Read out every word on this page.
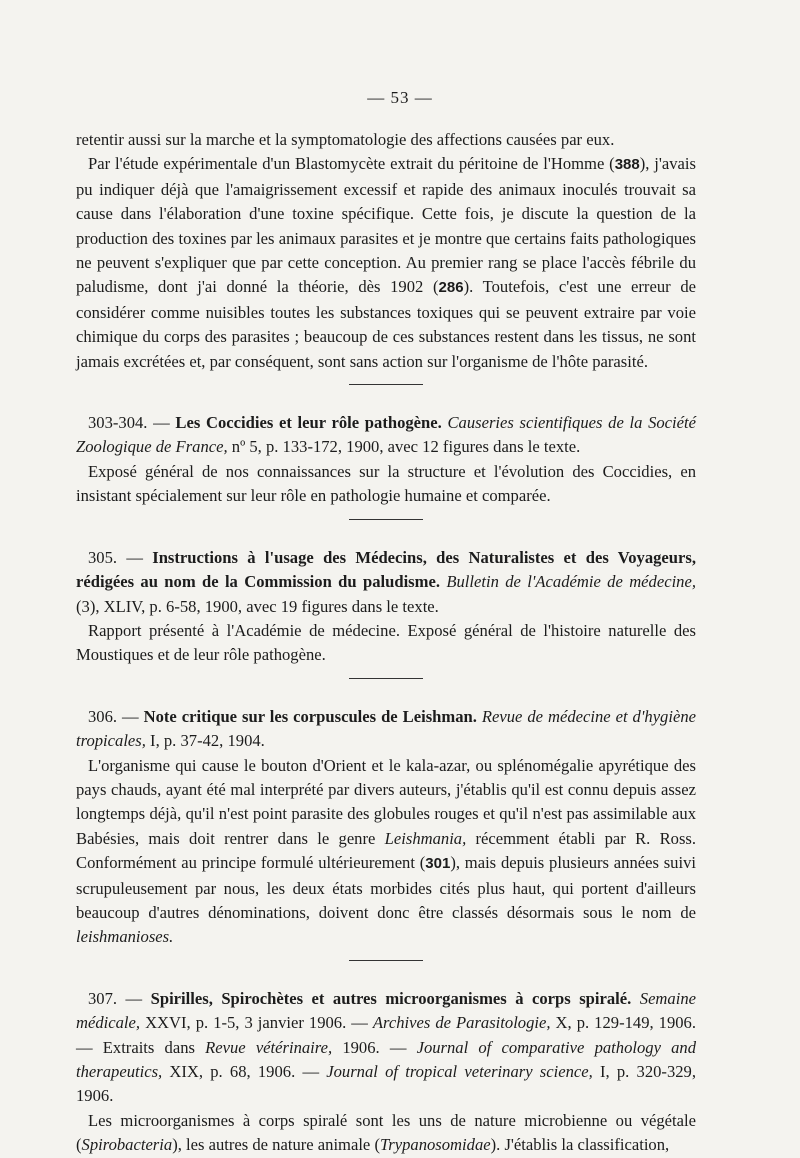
— 53 —

retentir aussi sur la marche et la symptomatologie des affections causées par eux.

Par l'étude expérimentale d'un Blastomycète extrait du péritoine de l'Homme (388), j'avais pu indiquer déjà que l'amaigrissement excessif et rapide des animaux inoculés trouvait sa cause dans l'élaboration d'une toxine spécifique. Cette fois, je discute la question de la production des toxines par les animaux parasites et je montre que certains faits pathologiques ne peuvent s'expliquer que par cette conception. Au premier rang se place l'accès fébrile du paludisme, dont j'ai donné la théorie, dès 1902 (286). Toutefois, c'est une erreur de considérer comme nuisibles toutes les substances toxiques qui se peuvent extraire par voie chimique du corps des parasites ; beaucoup de ces substances restent dans les tissus, ne sont jamais excrétées et, par conséquent, sont sans action sur l'organisme de l'hôte parasité.

303-304. — Les Coccidies et leur rôle pathogène. Causeries scientifiques de la Société Zoologique de France, nº 5, p. 133-172, 1900, avec 12 figures dans le texte.

Exposé général de nos connaissances sur la structure et l'évolution des Coccidies, en insistant spécialement sur leur rôle en pathologie humaine et comparée.

305. — Instructions à l'usage des Médecins, des Naturalistes et des Voyageurs, rédigées au nom de la Commission du paludisme. Bulletin de l'Académie de médecine, (3), XLIV, p. 6-58, 1900, avec 19 figures dans le texte.

Rapport présenté à l'Académie de médecine. Exposé général de l'histoire naturelle des Moustiques et de leur rôle pathogène.

306. — Note critique sur les corpuscules de Leishman. Revue de médecine et d'hygiène tropicales, I, p. 37-42, 1904.

L'organisme qui cause le bouton d'Orient et le kala-azar, ou splénomégalie apyrétique des pays chauds, ayant été mal interprété par divers auteurs, j'établis qu'il est connu depuis assez longtemps déjà, qu'il n'est point parasite des globules rouges et qu'il n'est pas assimilable aux Babésies, mais doit rentrer dans le genre Leishmania, récemment établi par R. Ross. Conformément au principe formulé ultérieurement (301), mais depuis plusieurs années suivi scrupuleusement par nous, les deux états morbides cités plus haut, qui portent d'ailleurs beaucoup d'autres dénominations, doivent donc être classés désormais sous le nom de leishmanioses.

307. — Spirilles, Spirochètes et autres microorganismes à corps spiralé. Semaine médicale, XXVI, p. 1-5, 3 janvier 1906. — Archives de Parasitologie, X, p. 129-149, 1906. — Extraits dans Revue vétérinaire, 1906. — Journal of comparative pathology and therapeutics, XIX, p. 68, 1906. — Journal of tropical veterinary science, I, p. 320-329, 1906.

Les microorganismes à corps spiralé sont les uns de nature microbienne ou végétale (Spirobacteria), les autres de nature animale (Trypanosomidae). J'établis la classification,
